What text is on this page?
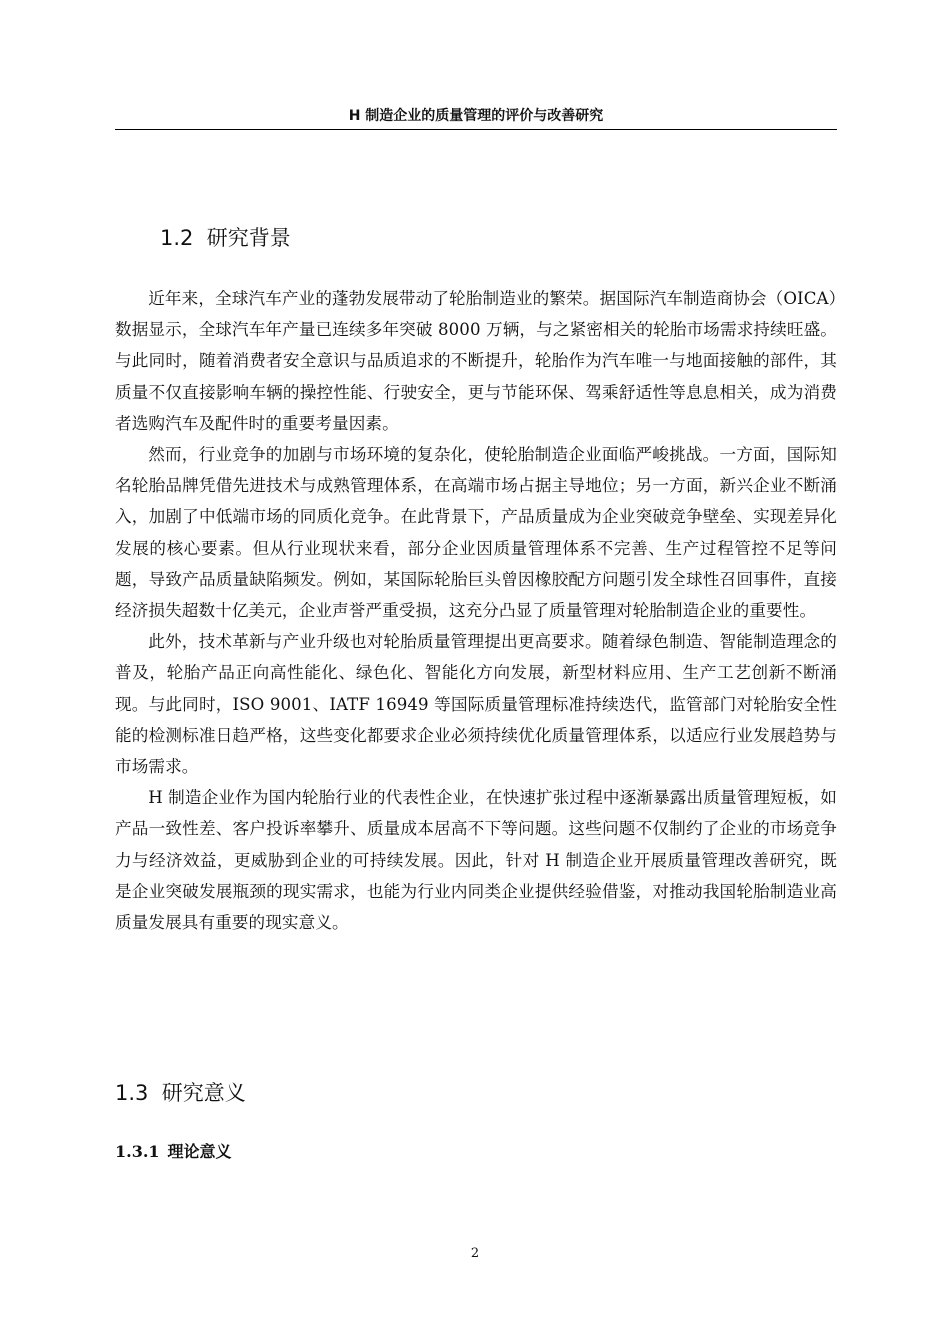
H 制造企业的质量管理的评价与改善研究
1.2 研究背景

近年来，全球汽车产业的蓬勃发展带动了轮胎制造业的繁荣。据国际汽车制造商协会（OICA）数据显示，全球汽车年产量已连续多年突破 8000 万辆，与之紧密相关的轮胎市场需求持续旺盛。与此同时，随着消费者安全意识与品质追求的不断提升，轮胎作为汽车唯一与地面接触的部件，其质量不仅直接影响车辆的操控性能、行驶安全，更与节能环保、驾乘舒适性等息息相关，成为消费者选购汽车及配件时的重要考量因素。

然而，行业竞争的加剧与市场环境的复杂化，使轮胎制造企业面临严峻挑战。一方面，国际知名轮胎品牌凭借先进技术与成熟管理体系，在高端市场占据主导地位；另一方面，新兴企业不断涌入，加剧了中低端市场的同质化竞争。在此背景下，产品质量成为企业突破竞争壁垒、实现差异化发展的核心要素。但从行业现状来看，部分企业因质量管理体系不完善、生产过程管控不足等问题，导致产品质量缺陷频发。例如，某国际轮胎巨头曾因橡胶配方问题引发全球性召回事件，直接经济损失超数十亿美元，企业声誉严重受损，这充分凸显了质量管理对轮胎制造企业的重要性。

此外，技术革新与产业升级也对轮胎质量管理提出更高要求。随着绿色制造、智能制造理念的普及，轮胎产品正向高性能化、绿色化、智能化方向发展，新型材料应用、生产工艺创新不断涌现。与此同时，ISO 9001、IATF 16949 等国际质量管理标准持续迭代，监管部门对轮胎安全性能的检测标准日趋严格，这些变化都要求企业必须持续优化质量管理体系，以适应行业发展趋势与市场需求。

H 制造企业作为国内轮胎行业的代表性企业，在快速扩张过程中逐渐暴露出质量管理短板，如产品一致性差、客户投诉率攀升、质量成本居高不下等问题。这些问题不仅制约了企业的市场竞争力与经济效益，更威胁到企业的可持续发展。因此，针对 H 制造企业开展质量管理改善研究，既是企业突破发展瓶颈的现实需求，也能为行业内同类企业提供经验借鉴，对推动我国轮胎制造业高质量发展具有重要的现实意义。

1.3 研究意义
1.3.1 理论意义
2
